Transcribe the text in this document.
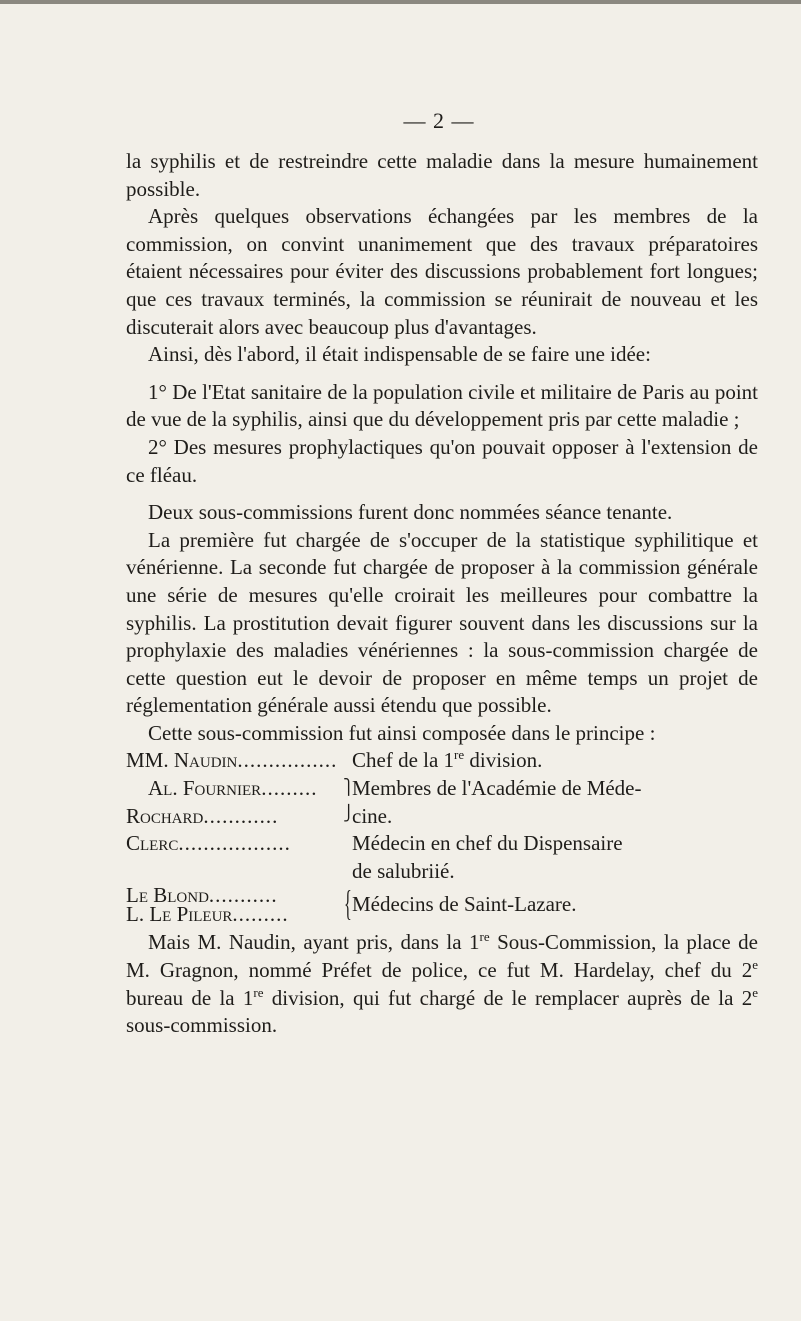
— 2 —

la syphilis et de restreindre cette maladie dans la mesure humainement possible.

Après quelques observations échangées par les membres de la commission, on convint unanimement que des travaux préparatoires étaient nécessaires pour éviter des discussions probablement fort longues; que ces travaux terminés, la commission se réunirait de nouveau et les discuterait alors avec beaucoup plus d'avantages.

Ainsi, dès l'abord, il était indispensable de se faire une idée:

1° De l'Etat sanitaire de la population civile et militaire de Paris au point de vue de la syphilis, ainsi que du développement pris par cette maladie ;

2° Des mesures prophylactiques qu'on pouvait opposer à l'extension de ce fléau.

Deux sous-commissions furent donc nommées séance tenante.

La première fut chargée de s'occuper de la statistique syphilitique et vénérienne. La seconde fut chargée de proposer à la commission générale une série de mesures qu'elle croirait les meilleures pour combattre la syphilis. La prostitution devait figurer souvent dans les discussions sur la prophylaxie des maladies vénériennes : la sous-commission chargée de cette question eut le devoir de proposer en même temps un projet de réglementation générale aussi étendu que possible.

Cette sous-commission fut ainsi composée dans le principe :

MM. Naudin................ Chef de la 1re division.
Al. Fournier......... ⎫
Membres de l'Académie de Méde-
Rochard............	⎭
cine.
Clerc..................	Médecin en chef du Dispensaire
de salubriié.
Le Blond...........
L. Le Pileur......... { Médecins de Saint-Lazare.

Mais M. Naudin, ayant pris, dans la 1re Sous-Commission, la place de M. Gragnon, nommé Préfet de police, ce fut M. Hardelay, chef du 2e bureau de la 1re division, qui fut chargé de le remplacer auprès de la 2e sous-commission.
